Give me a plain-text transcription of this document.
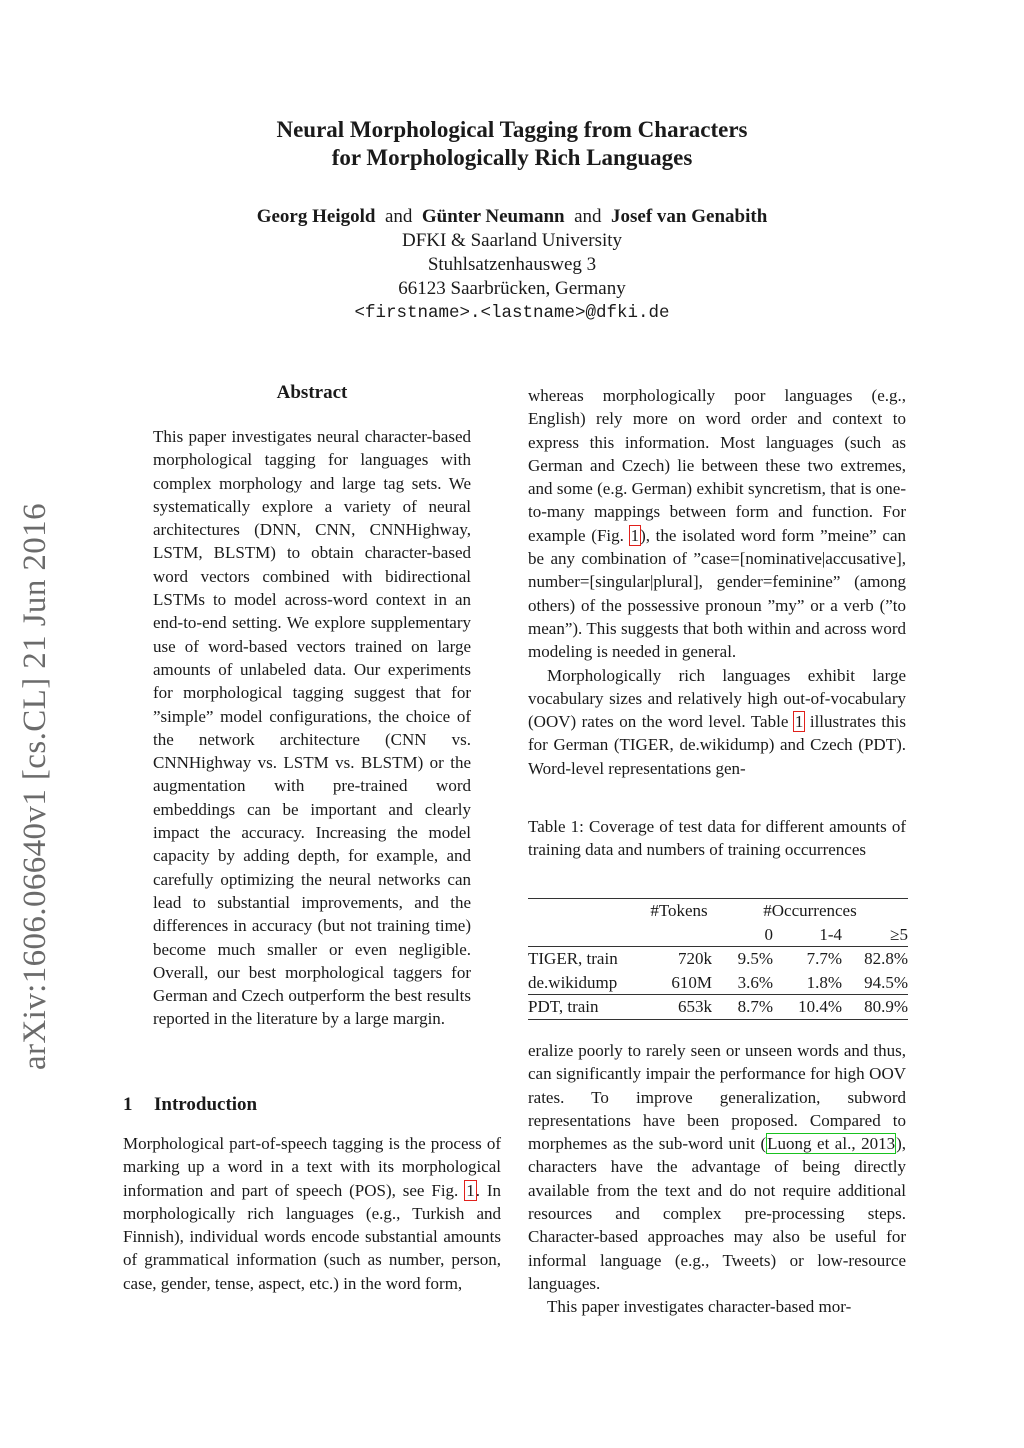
arXiv:1606.06640v1 [cs.CL] 21 Jun 2016
Neural Morphological Tagging from Characters
for Morphologically Rich Languages
Georg Heigold and Günter Neumann and Josef van Genabith
DFKI & Saarland University
Stuhlsatzenhausweg 3
66123 Saarbrücken, Germany
<firstname>.<lastname>@dfki.de
Abstract

This paper investigates neural character-based morphological tagging for languages with complex morphology and large tag sets. We systematically explore a variety of neural architectures (DNN, CNN, CNNHighway, LSTM, BLSTM) to obtain character-based word vectors combined with bidirectional LSTMs to model across-word context in an end-to-end setting. We explore supplementary use of word-based vectors trained on large amounts of unlabeled data. Our experiments for morphological tagging suggest that for ”simple” model configurations, the choice of the network architecture (CNN vs. CNNHighway vs. LSTM vs. BLSTM) or the augmentation with pre-trained word embeddings can be important and clearly impact the accuracy. Increasing the model capacity by adding depth, for example, and carefully optimizing the neural networks can lead to substantial improvements, and the differences in accuracy (but not training time) become much smaller or even negligible. Overall, our best morphological taggers for German and Czech outperform the best results reported in the literature by a large margin.

1 Introduction

Morphological part-of-speech tagging is the process of marking up a word in a text with its morphological information and part of speech (POS), see Fig. 1. In morphologically rich languages (e.g., Turkish and Finnish), individual words encode substantial amounts of grammatical information (such as number, person, case, gender, tense, aspect, etc.) in the word form,

whereas morphologically poor languages (e.g., English) rely more on word order and context to express this information. Most languages (such as German and Czech) lie between these two extremes, and some (e.g. German) exhibit syncretism, that is one-to-many mappings between form and function. For example (Fig. 1), the isolated word form ”meine” can be any combination of ”case=[nominative|accusative], number=[singular|plural], gender=feminine” (among others) of the possessive pronoun ”my” or a verb (”to mean”). This suggests that both within and across word modeling is needed in general.

Morphologically rich languages exhibit large vocabulary sizes and relatively high out-of-vocabulary (OOV) rates on the word level. Table 1 illustrates this for German (TIGER, de.wikidump) and Czech (PDT). Word-level representations gen-

Table 1: Coverage of test data for different amounts of training data and numbers of training occurrences

	#Tokens	#Occurrences		
		0	1-4	≥5
TIGER, train	720k	9.5%	7.7%	82.8%
de.wikidump	610M	3.6%	1.8%	94.5%
PDT, train	653k	8.7%	10.4%	80.9%

eralize poorly to rarely seen or unseen words and thus, can significantly impair the performance for high OOV rates. To improve generalization, subword representations have been proposed. Compared to morphemes as the sub-word unit (Luong et al., 2013), characters have the advantage of being directly available from the text and do not require additional resources and complex pre-processing steps. Character-based approaches may also be useful for informal language (e.g., Tweets) or low-resource languages.

This paper investigates character-based mor-
